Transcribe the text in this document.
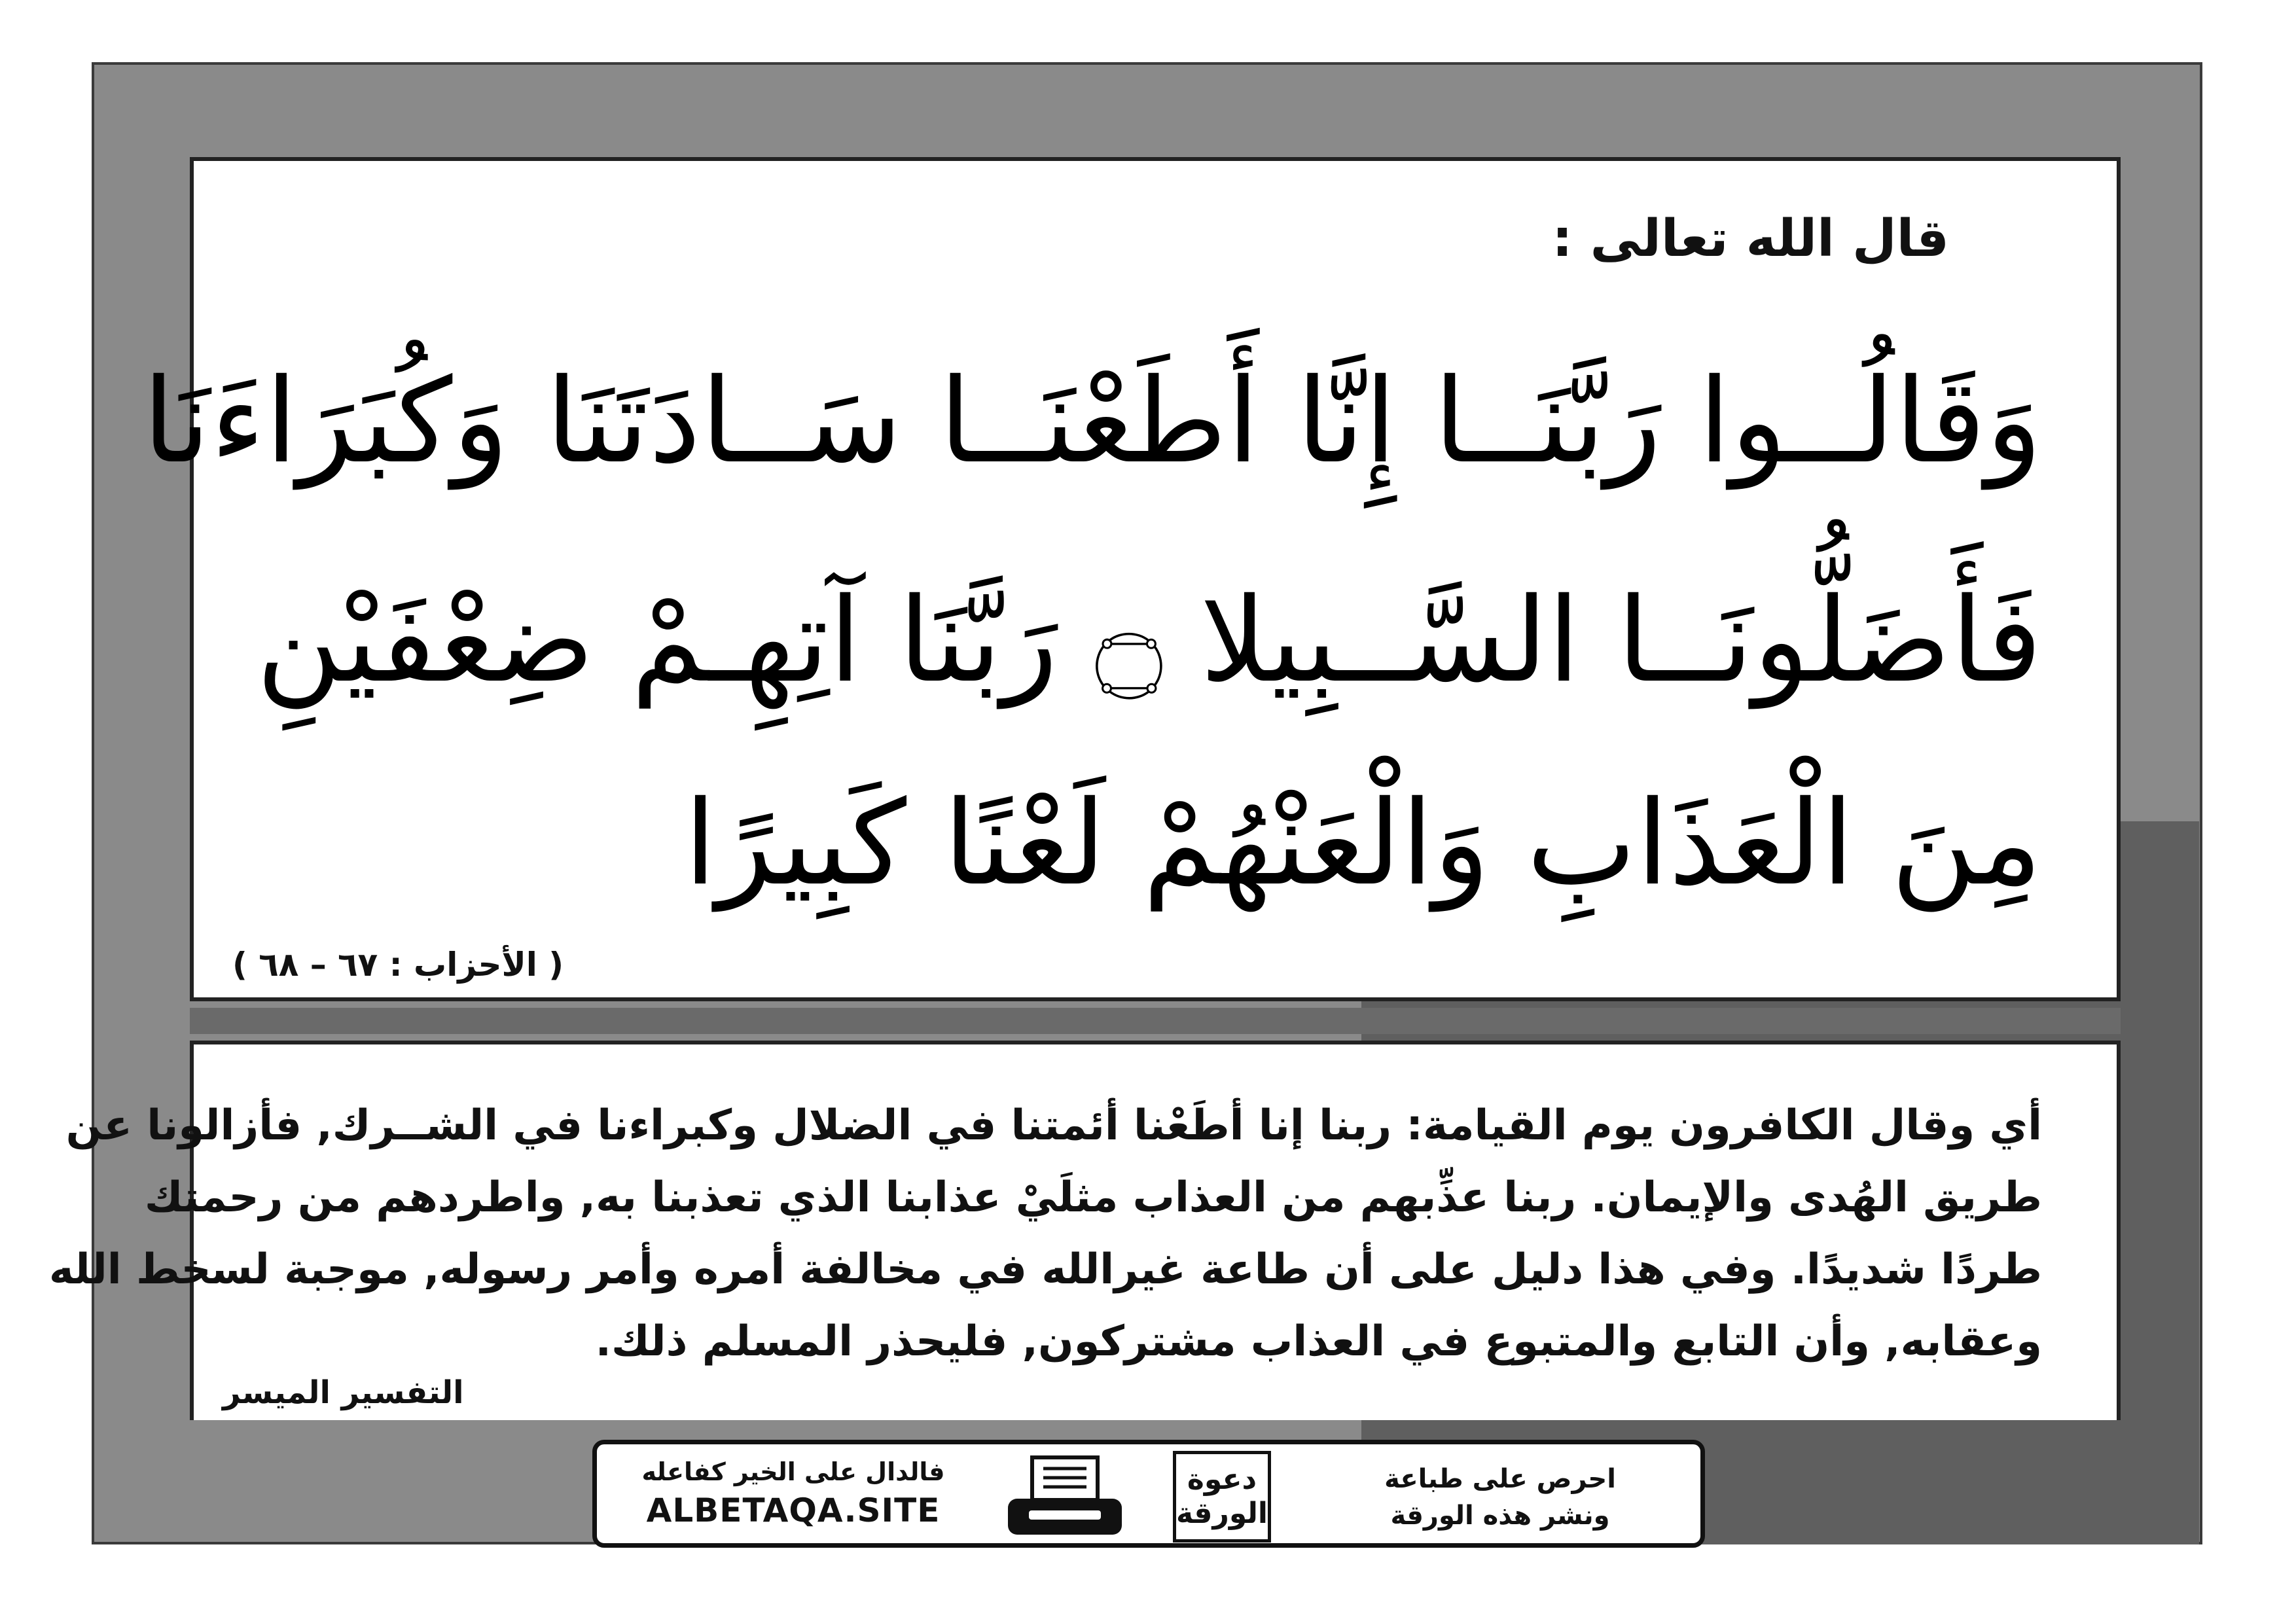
قال الله تعالى :
وَقَالُــوا رَبَّنَــا إِنَّا أَطَعْنَــا سَــادَتَنَا وَكُبَرَاءَنَا
فَأَضَلُّونَــا السَّــبِيلا ۝ رَبَّنَا آتِهِـمْ ضِعْفَيْنِ
مِنَ الْعَذَابِ وَالْعَنْهُمْ لَعْنًا كَبِيرًا
( الأحزاب : ٦٧ – ٦٨ )

أي وقال الكافرون يوم القيامة: ربنا إنا أطَعْنا أئمتنا في الضلال وكبراءنا في الشــرك, فأزالونا عن

طريق الهُدى والإيمان. ربنا عذِّبهم من العذاب مثلَيْ عذابنا الذي تعذبنا به, واطردهم من رحمتك

طردًا شديدًا. وفي هذا دليل على أن طاعة غيرالله في مخالفة أمره وأمر رسوله, موجبة لسخط الله

وعقابه, وأن التابع والمتبوع في العذاب مشتركون, فليحذر المسلم ذلك.

التفسير الميسر
فالدال على الخير كفاعله
ALBETAQA.SITE
دعوة
الورقة
احرص على طباعة
ونشر هذه الورقة
